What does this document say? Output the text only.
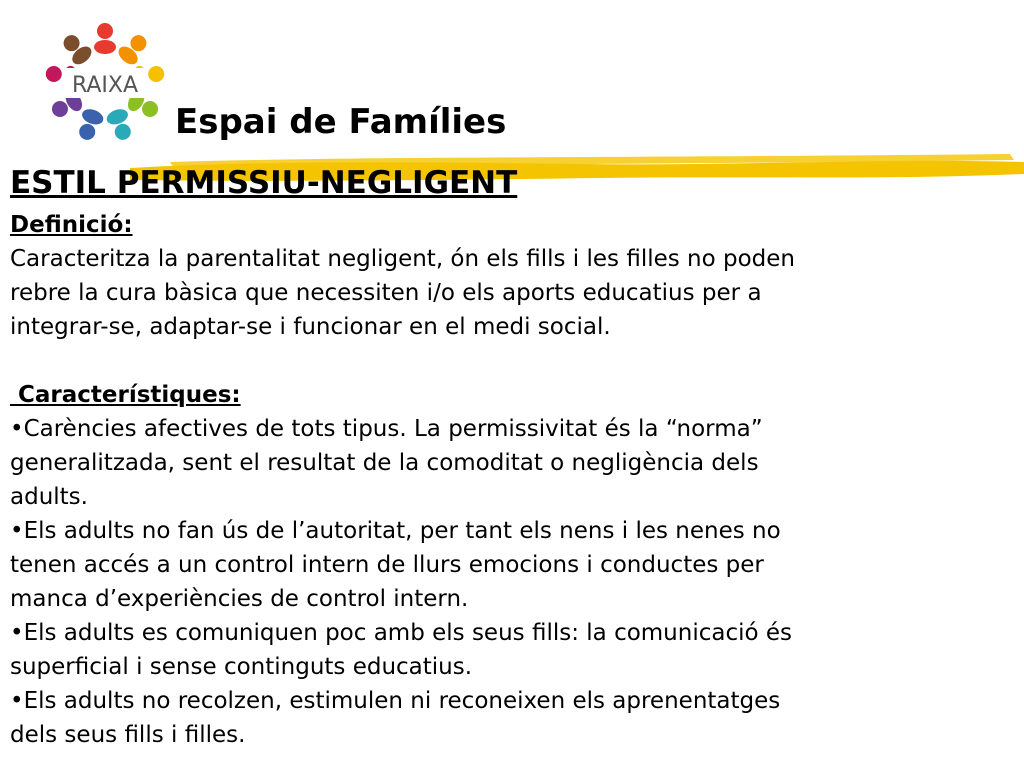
RAIXA
Espai de Famílies
ESTIL PERMISSIU-NEGLIGENT
Definició:
Caracteritza la parentalitat negligent, ón els fills i les filles no poden
rebre la cura bàsica que necessiten i/o els aports educatius per a
integrar-se, adaptar-se i funcionar en el medi social.
Característiques:
•Carències afectives de tots tipus. La permissivitat és la “norma”
generalitzada, sent el resultat de la comoditat o negligència dels
adults.
•Els adults no fan ús de l’autoritat, per tant els nens i les nenes no
tenen accés a un control intern de llurs emocions i conductes per
manca d’experiències de control intern.
•Els adults es comuniquen poc amb els seus fills: la comunicació és
superficial i sense continguts educatius.
•Els adults no recolzen, estimulen ni reconeixen els aprenentatges
dels seus fills i filles.
